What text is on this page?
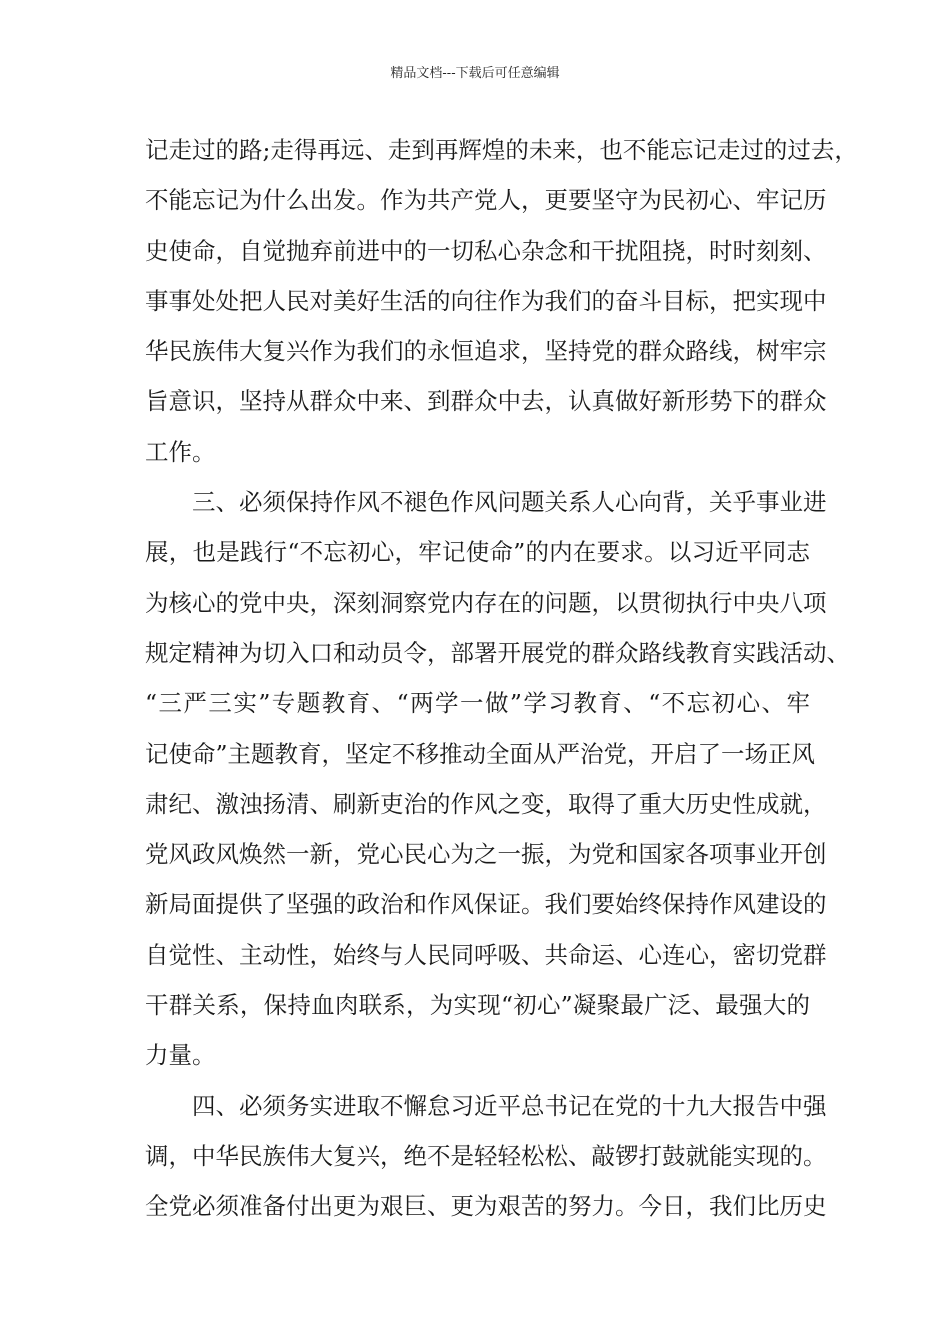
精品文档---下载后可任意编辑
记走过的路;走得再远、走到再辉煌的未来，也不能忘记走过的过去，
不能忘记为什么出发。作为共产党人，更要坚守为民初心、牢记历
史使命，自觉抛弃前进中的一切私心杂念和干扰阻挠，时时刻刻、
事事处处把人民对美好生活的向往作为我们的奋斗目标，把实现中
华民族伟大复兴作为我们的永恒追求，坚持党的群众路线，树牢宗
旨意识，坚持从群众中来、到群众中去，认真做好新形势下的群众
工作。
三、必须保持作风不褪色作风问题关系人心向背，关乎事业进
展，也是践行“不忘初心，牢记使命”的内在要求。以习近平同志
为核心的党中央，深刻洞察党内存在的问题，以贯彻执行中央八项
规定精神为切入口和动员令，部署开展党的群众路线教育实践活动、
“三严三实”专题教育、“两学一做”学习教育、“不忘初心、牢
记使命”主题教育，坚定不移推动全面从严治党，开启了一场正风
肃纪、激浊扬清、刷新吏治的作风之变，取得了重大历史性成就，
党风政风焕然一新，党心民心为之一振，为党和国家各项事业开创
新局面提供了坚强的政治和作风保证。我们要始终保持作风建设的
自觉性、主动性，始终与人民同呼吸、共命运、心连心，密切党群
干群关系，保持血肉联系，为实现“初心”凝聚最广泛、最强大的
力量。
四、必须务实进取不懈怠习近平总书记在党的十九大报告中强
调，中华民族伟大复兴，绝不是轻轻松松、敲锣打鼓就能实现的。
全党必须准备付出更为艰巨、更为艰苦的努力。今日，我们比历史
